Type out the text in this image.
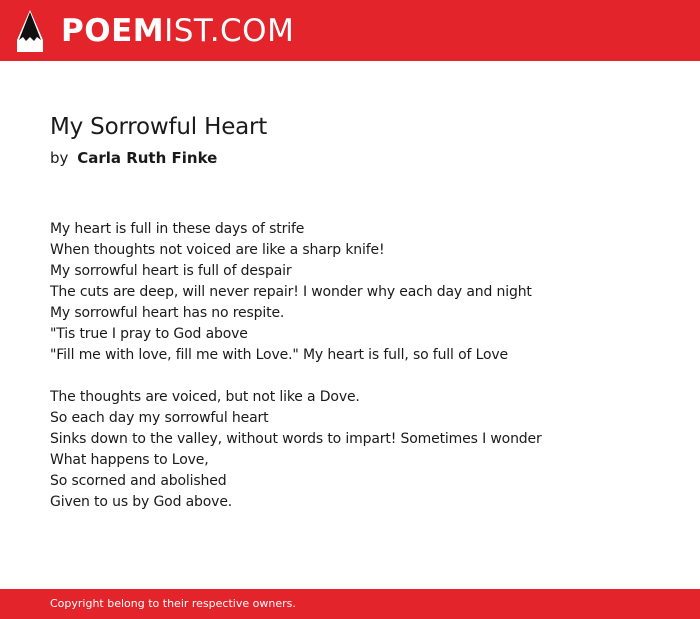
POEMIST.COM
My Sorrowful Heart
by Carla Ruth Finke
My heart is full in these days of strife
When thoughts not voiced are like a sharp knife!
My sorrowful heart is full of despair
The cuts are deep, will never repair! I wonder why each day and night
My sorrowful heart has no respite.
"Tis true I pray to God above
"Fill me with love, fill me with Love." My heart is full, so full of Love
The thoughts are voiced, but not like a Dove.
So each day my sorrowful heart
Sinks down to the valley, without words to impart! Sometimes I wonder
What happens to Love,
So scorned and abolished
Given to us by God above.
Copyright belong to their respective owners.
